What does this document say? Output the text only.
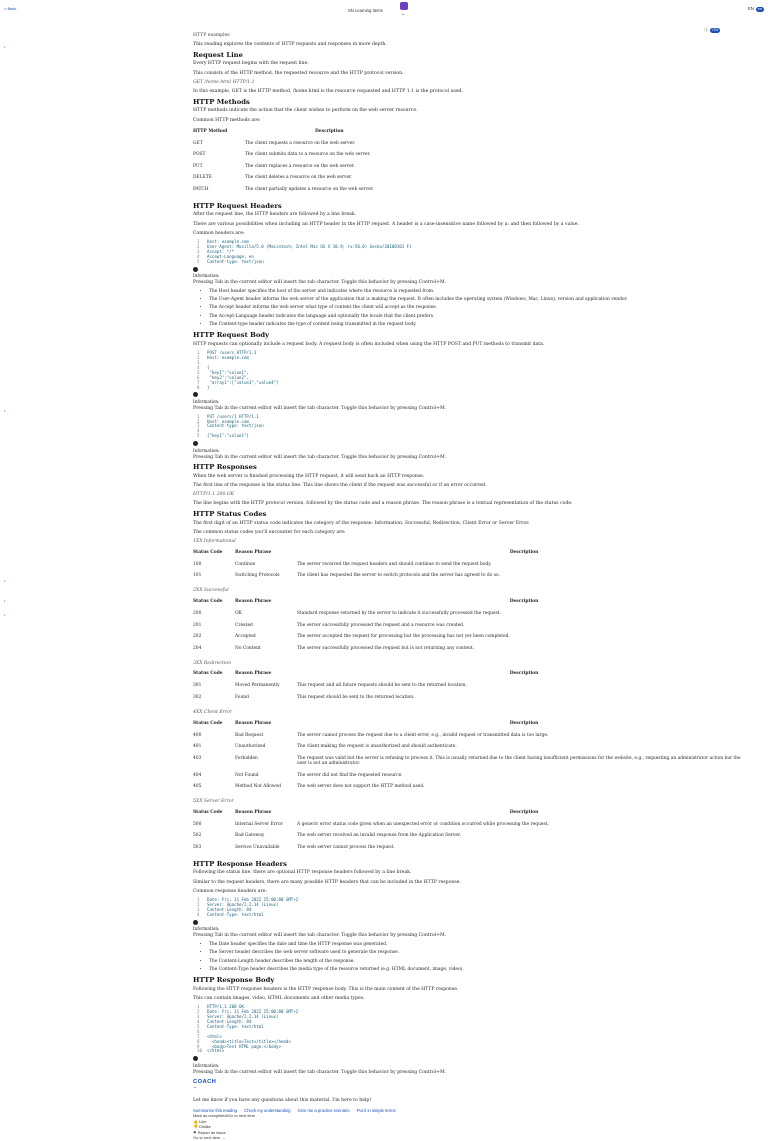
< Back	SN Learning Items
⌄
EN en
ⓘ ON
•
•
•
•
•
HTTP examples

This reading explores the contents of HTTP requests and responses in more depth.

Request Line

Every HTTP request begins with the request line.

This consists of the HTTP method, the requested resource and the HTTP protocol version.

GET /home.html HTTP/1.1

In this example, GET is the HTTP method, /home.html is the resource requested and HTTP 1.1 is the protocol used.

HTTP Methods

HTTP methods indicate the action that the client wishes to perform on the web server resource.

Common HTTP methods are:

HTTP Method	Description
GET	The client requests a resource on the web server.
POST	The client submits data to a resource on the web server.
PUT	The client replaces a resource on the web server.
DELETE	The client deletes a resource on the web server.
PATCH	The client partially updates a resource on the web server.
HTTP Request Headers

After the request line, the HTTP headers are followed by a line break.

There are various possibilities when including an HTTP header in the HTTP request. A header is a case-insensitive name followed by a: and then followed by a value.

Common headers are:

1 Host: example.com
2 User-Agent: Mozilla/5.0 (Macintosh; Intel Mac OS X 10.9; rv:50.0) Gecko/20100101 Fi
3 Accept: */*
4 Accept-Language: en
5 Content-type: text/json

Information:
Pressing Tab in the current editor will insert the tab character. Toggle this behavior by pressing Control+M.
• The Host header specifies the host of the server and indicates where the resource is requested from.
• The User-Agent header informs the web server of the application that is making the request. It often includes the operating system (Windows, Mac, Linux), version and application vendor.
• The Accept header informs the web server what type of content the client will accept as the response.
• The Accept-Language header indicates the language and optionally the locale that the client prefers.
• The Content-type header indicates the type of content being transmitted in the request body.
HTTP Request Body

HTTP requests can optionally include a request body. A request body is often included when using the HTTP POST and PUT methods to transmit data.

1 POST /users HTTP/1.1
2 Host: example.com
3
4 {
5 "key1":"value1",
6 "key2":"value2",
7 "array1":["value3","value4"]
8 }

Information:
Pressing Tab in the current editor will insert the tab character. Toggle this behavior by pressing Control+M.
1 PUT /users/1 HTTP/1.1
2 Host: example.com
3 Content-type: text/json
4
5 {"key1":"value1"}

Information:
Pressing Tab in the current editor will insert the tab character. Toggle this behavior by pressing Control+M.
HTTP Responses

When the web server is finished processing the HTTP request, it will send back an HTTP response.

The first line of the response is the status line. This line shows the client if the request was successful or if an error occurred.

HTTP/1.1 200 OK

The line begins with the HTTP protocol version, followed by the status code and a reason phrase. The reason phrase is a textual representation of the status code.

HTTP Status Codes

The first digit of an HTTP status code indicates the category of the response: Information, Successful, Redirection, Client Error or Server Error.

The common status codes you'll encounter for each category are:

1XX Informational
Status Code	Reason Phrase	Description
100	Continue	The server received the request headers and should continue to send the request body.
101	Switching Protocols	The client has requested the server to switch protocols and the server has agreed to do so.
2XX Successful
Status Code	Reason Phrase	Description
200	OK	Standard response returned by the server to indicate it successfully processed the request.
201	Created	The server successfully processed the request and a resource was created.
202	Accepted	The server accepted the request for processing but the processing has not yet been completed.
204	No Content	The server successfully processed the request but is not returning any content.
3XX Redirection
Status Code	Reason Phrase	Description
301	Moved Permanently	This request and all future requests should be sent to the returned location.
302	Found	This request should be sent to the returned location.
4XX Client Error
Status Code	Reason Phrase	Description
400	Bad Request	The server cannot process the request due to a client error, e.g., invalid request or transmitted data is too large.
401	Unauthorized	The client making the request is unauthorized and should authenticate.
403	Forbidden	The request was valid but the server is refusing to process it. This is usually returned due to the client having insufficient permissions for the website, e.g., requesting an administrator action but the user is not an administrator.
404	Not Found	The server did not find the requested resource.
405	Method Not Allowed	The web server does not support the HTTP method used.
5XX Server Error
Status Code	Reason Phrase	Description
500	Internal Server Error	A generic error status code given when an unexpected error or condition occurred while processing the request.
502	Bad Gateway	The web server received an invalid response from the Application Server.
503	Service Unavailable	The web server cannot process the request.
HTTP Response Headers

Following the status line, there are optional HTTP response headers followed by a line break.

Similar to the request headers, there are many possible HTTP headers that can be included in the HTTP response.

Common response headers are:

1 Date: Fri, 11 Feb 2022 15:00:00 GMT+2
2 Server: Apache/2.2.14 (Linux)
3 Content-Length: 84
4 Content-Type: text/html

Information:
Pressing Tab in the current editor will insert the tab character. Toggle this behavior by pressing Control+M.
• The Date header specifies the date and time the HTTP response was generated.
• The Server header describes the web server software used to generate the response.
• The Content-Length header describes the length of the response.
• The Content-Type header describes the media type of the resource returned (e.g. HTML document, image, video).
HTTP Response Body

Following the HTTP response headers is the HTTP response body. This is the main content of the HTTP response.

This can contain images, video, HTML documents and other media types.

1 HTTP/1.1 200 OK
2 Date: Fri, 11 Feb 2022 15:00:00 GMT+2
3 Server: Apache/2.2.14 (Linux)
4 Content-Length: 84
5 Content-Type: text/html
6
7 <html>
8  <head><title>Test</title></head>
9  <body>Test HTML page.</body>
10 </html>

Information:
Pressing Tab in the current editor will insert the tab character. Toggle this behavior by pressing Control+M.
COACH
⌄

Let me know if you have any questions about this material. I'm here to help!

Summarize this reading Check my understanding Give me a practice scenario Put it in simple terms
Mark as completed/Go to next item
👍 Like
👎 Dislike
⚑ Report an issue
Go to next item →
